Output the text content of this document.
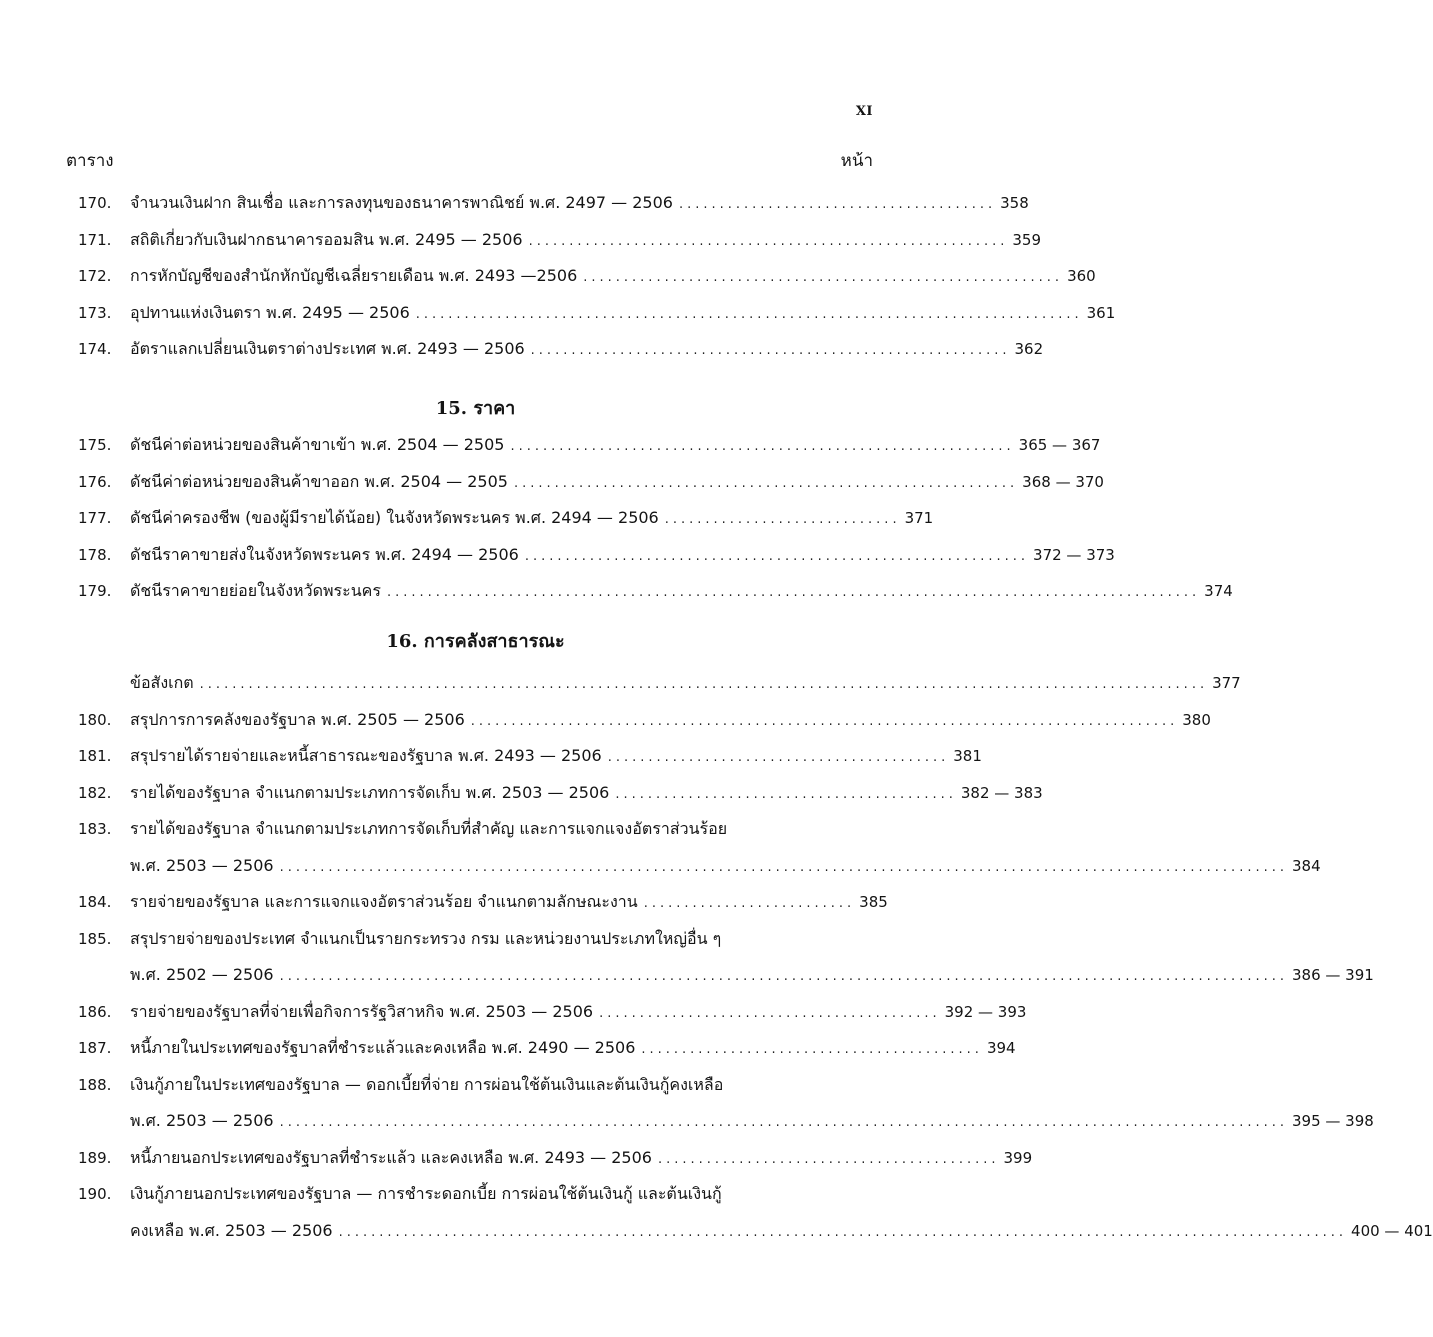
XI
ตาราง	หน้า
170.	จำนวนเงินฝาก สินเชื่อ และการลงทุนของธนาคารพาณิชย์ พ.ศ. 2497 — 2506 ....................................... 358
171.	สถิติเกี่ยวกับเงินฝากธนาคารออมสิน พ.ศ. 2495 — 2506 ........................................................... 359
172.	การหักบัญชีของสำนักหักบัญชีเฉลี่ยรายเดือน พ.ศ. 2493 —2506 ........................................................... 360
173.	อุปทานแห่งเงินตรา พ.ศ. 2495 — 2506 .................................................................................. 361
174.	อัตราแลกเปลี่ยนเงินตราต่างประเทศ พ.ศ. 2493 — 2506 ........................................................... 362
15. ราคา
175.	ดัชนีค่าต่อหน่วยของสินค้าขาเข้า พ.ศ. 2504 — 2505 .............................................................. 365 — 367
176.	ดัชนีค่าต่อหน่วยของสินค้าขาออก พ.ศ. 2504 — 2505 .............................................................. 368 — 370
177.	ดัชนีค่าครองชีพ (ของผู้มีรายได้น้อย) ในจังหวัดพระนคร พ.ศ. 2494 — 2506 ............................. 371
178.	ดัชนีราคาขายส่งในจังหวัดพระนคร พ.ศ. 2494 — 2506 .............................................................. 372 — 373
179.	ดัชนีราคาขายย่อยในจังหวัดพระนคร .................................................................................................... 374
16. การคลังสาธารณะ
ข้อสังเกต ............................................................................................................................ 377
180.	สรุปการการคลังของรัฐบาล พ.ศ. 2505 — 2506 ....................................................................................... 380
181.	สรุปรายได้รายจ่ายและหนี้สาธารณะของรัฐบาล พ.ศ. 2493 — 2506 .......................................... 381
182.	รายได้ของรัฐบาล จำแนกตามประเภทการจัดเก็บ พ.ศ. 2503 — 2506 .......................................... 382 — 383
183.	รายได้ของรัฐบาล จำแนกตามประเภทการจัดเก็บที่สำคัญ และการแจกแจงอัตราส่วนร้อย
พ.ศ. 2503 — 2506 ............................................................................................................................ 384
184.	รายจ่ายของรัฐบาล และการแจกแจงอัตราส่วนร้อย จำแนกตามลักษณะงาน .......................... 385
185.	สรุปรายจ่ายของประเทศ จำแนกเป็นรายกระทรวง กรม และหน่วยงานประเภทใหญ่อื่น ๆ
พ.ศ. 2502 — 2506 ............................................................................................................................ 386 — 391
186.	รายจ่ายของรัฐบาลที่จ่ายเพื่อกิจการรัฐวิสาหกิจ พ.ศ. 2503 — 2506 .......................................... 392 — 393
187.	หนี้ภายในประเทศของรัฐบาลที่ชำระแล้วและคงเหลือ พ.ศ. 2490 — 2506 .......................................... 394
188.	เงินกู้ภายในประเทศของรัฐบาล — ดอกเบี้ยที่จ่าย การผ่อนใช้ต้นเงินและต้นเงินกู้คงเหลือ
พ.ศ. 2503 — 2506 ............................................................................................................................ 395 — 398
189.	หนี้ภายนอกประเทศของรัฐบาลที่ชำระแล้ว และคงเหลือ พ.ศ. 2493 — 2506 .......................................... 399
190.	เงินกู้ภายนอกประเทศของรัฐบาล — การชำระดอกเบี้ย การผ่อนใช้ต้นเงินกู้ และต้นเงินกู้
คงเหลือ พ.ศ. 2503 — 2506 ............................................................................................................................ 400 — 401
